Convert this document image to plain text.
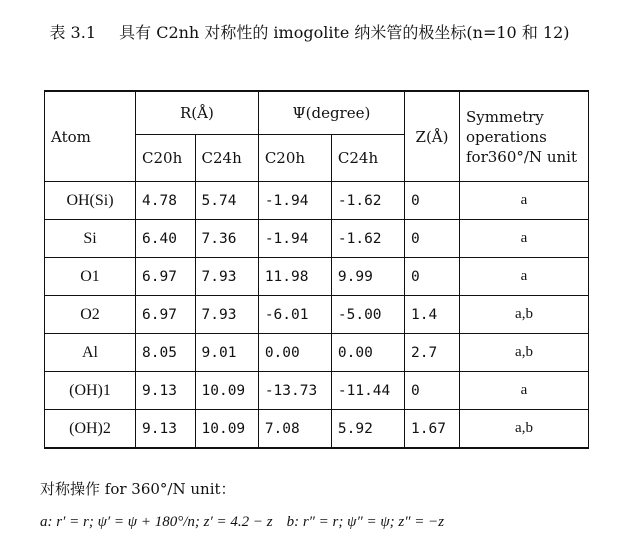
表 3.1 具有 C2nh 对称性的 imogolite 纳米管的极坐标(n=10 和 12)
Atom	R(Å)		Ψ(degree)		Z(Å)	Symmetry operations for360°/N unit
	C20h	C24h	C20h	C24h		
OH(Si)	4.78	5.74	-1.94	-1.62	0	a
Si	6.40	7.36	-1.94	-1.62	0	a
O1	6.97	7.93	11.98	9.99	0	a
O2	6.97	7.93	-6.01	-5.00	1.4	a,b
Al	8.05	9.01	0.00	0.00	2.7	a,b
(OH)1	9.13	10.09	-13.73	-11.44	0	a
(OH)2	9.13	10.09	7.08	5.92	1.67	a,b
对称操作 for 360°/N unit：
a: r′ = r; ψ′ = ψ + 180°/n; z′ = 4.2 − z b: r″ = r; ψ″ = ψ; z″ = −z
